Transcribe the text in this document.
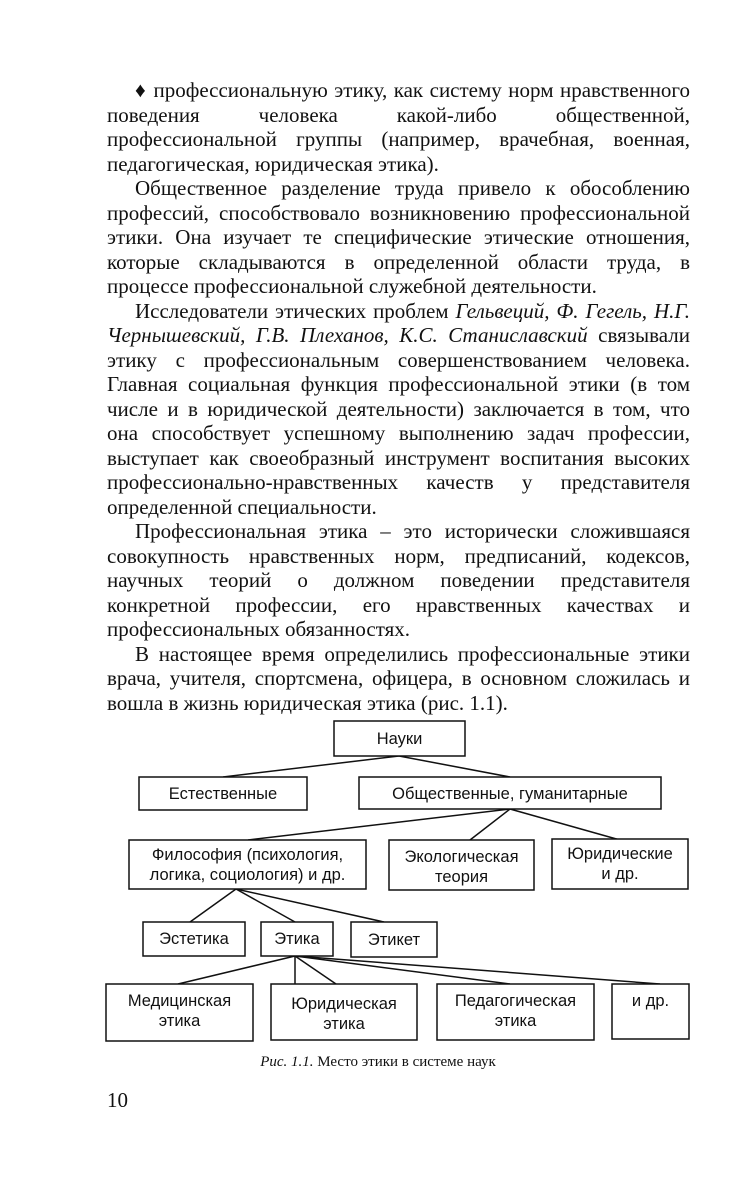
♦ профессиональную этику, как систему норм нравственного поведения человека какой-либо общественной, профессиональной группы (например, врачебная, военная, педагогическая, юридическая этика).

Общественное разделение труда привело к обособлению профессий, способствовало возникновению профессиональной этики. Она изучает те специфические этические отношения, которые складываются в определенной области труда, в процессе профессиональной служебной деятельности.

Исследователи этических проблем Гельвеций, Ф. Гегель, Н.Г. Чернышевский, Г.В. Плеханов, К.С. Станиславский связывали этику с профессиональным совершенствованием человека. Главная социальная функция профессиональной этики (в том числе и в юридической деятельности) заключается в том, что она способствует успешному выполнению задач профессии, выступает как своеобразный инструмент воспитания высоких профессионально-нравственных качеств у представителя определенной специальности.

Профессиональная этика – это исторически сложившаяся совокупность нравственных норм, предписаний, кодексов, научных теорий о должном поведении представителя конкретной профессии, его нравственных качествах и профессиональных обязанностях.

В настоящее время определились профессиональные этики врача, учителя, спортсмена, офицера, в основном сложилась и вошла в жизнь юридическая этика (рис. 1.1).

Науки
Естественные	Общественные, гуманитарные
Философия (психология,
логика, социология) и др.
Экологическая
теория
Юридические
и др.
Эстетика	Этика	Этикет
Медицинская
этика
Юридическая
этика
Педагогическая
этика
и др.
Рис. 1.1. Место этики в системе наук
10
